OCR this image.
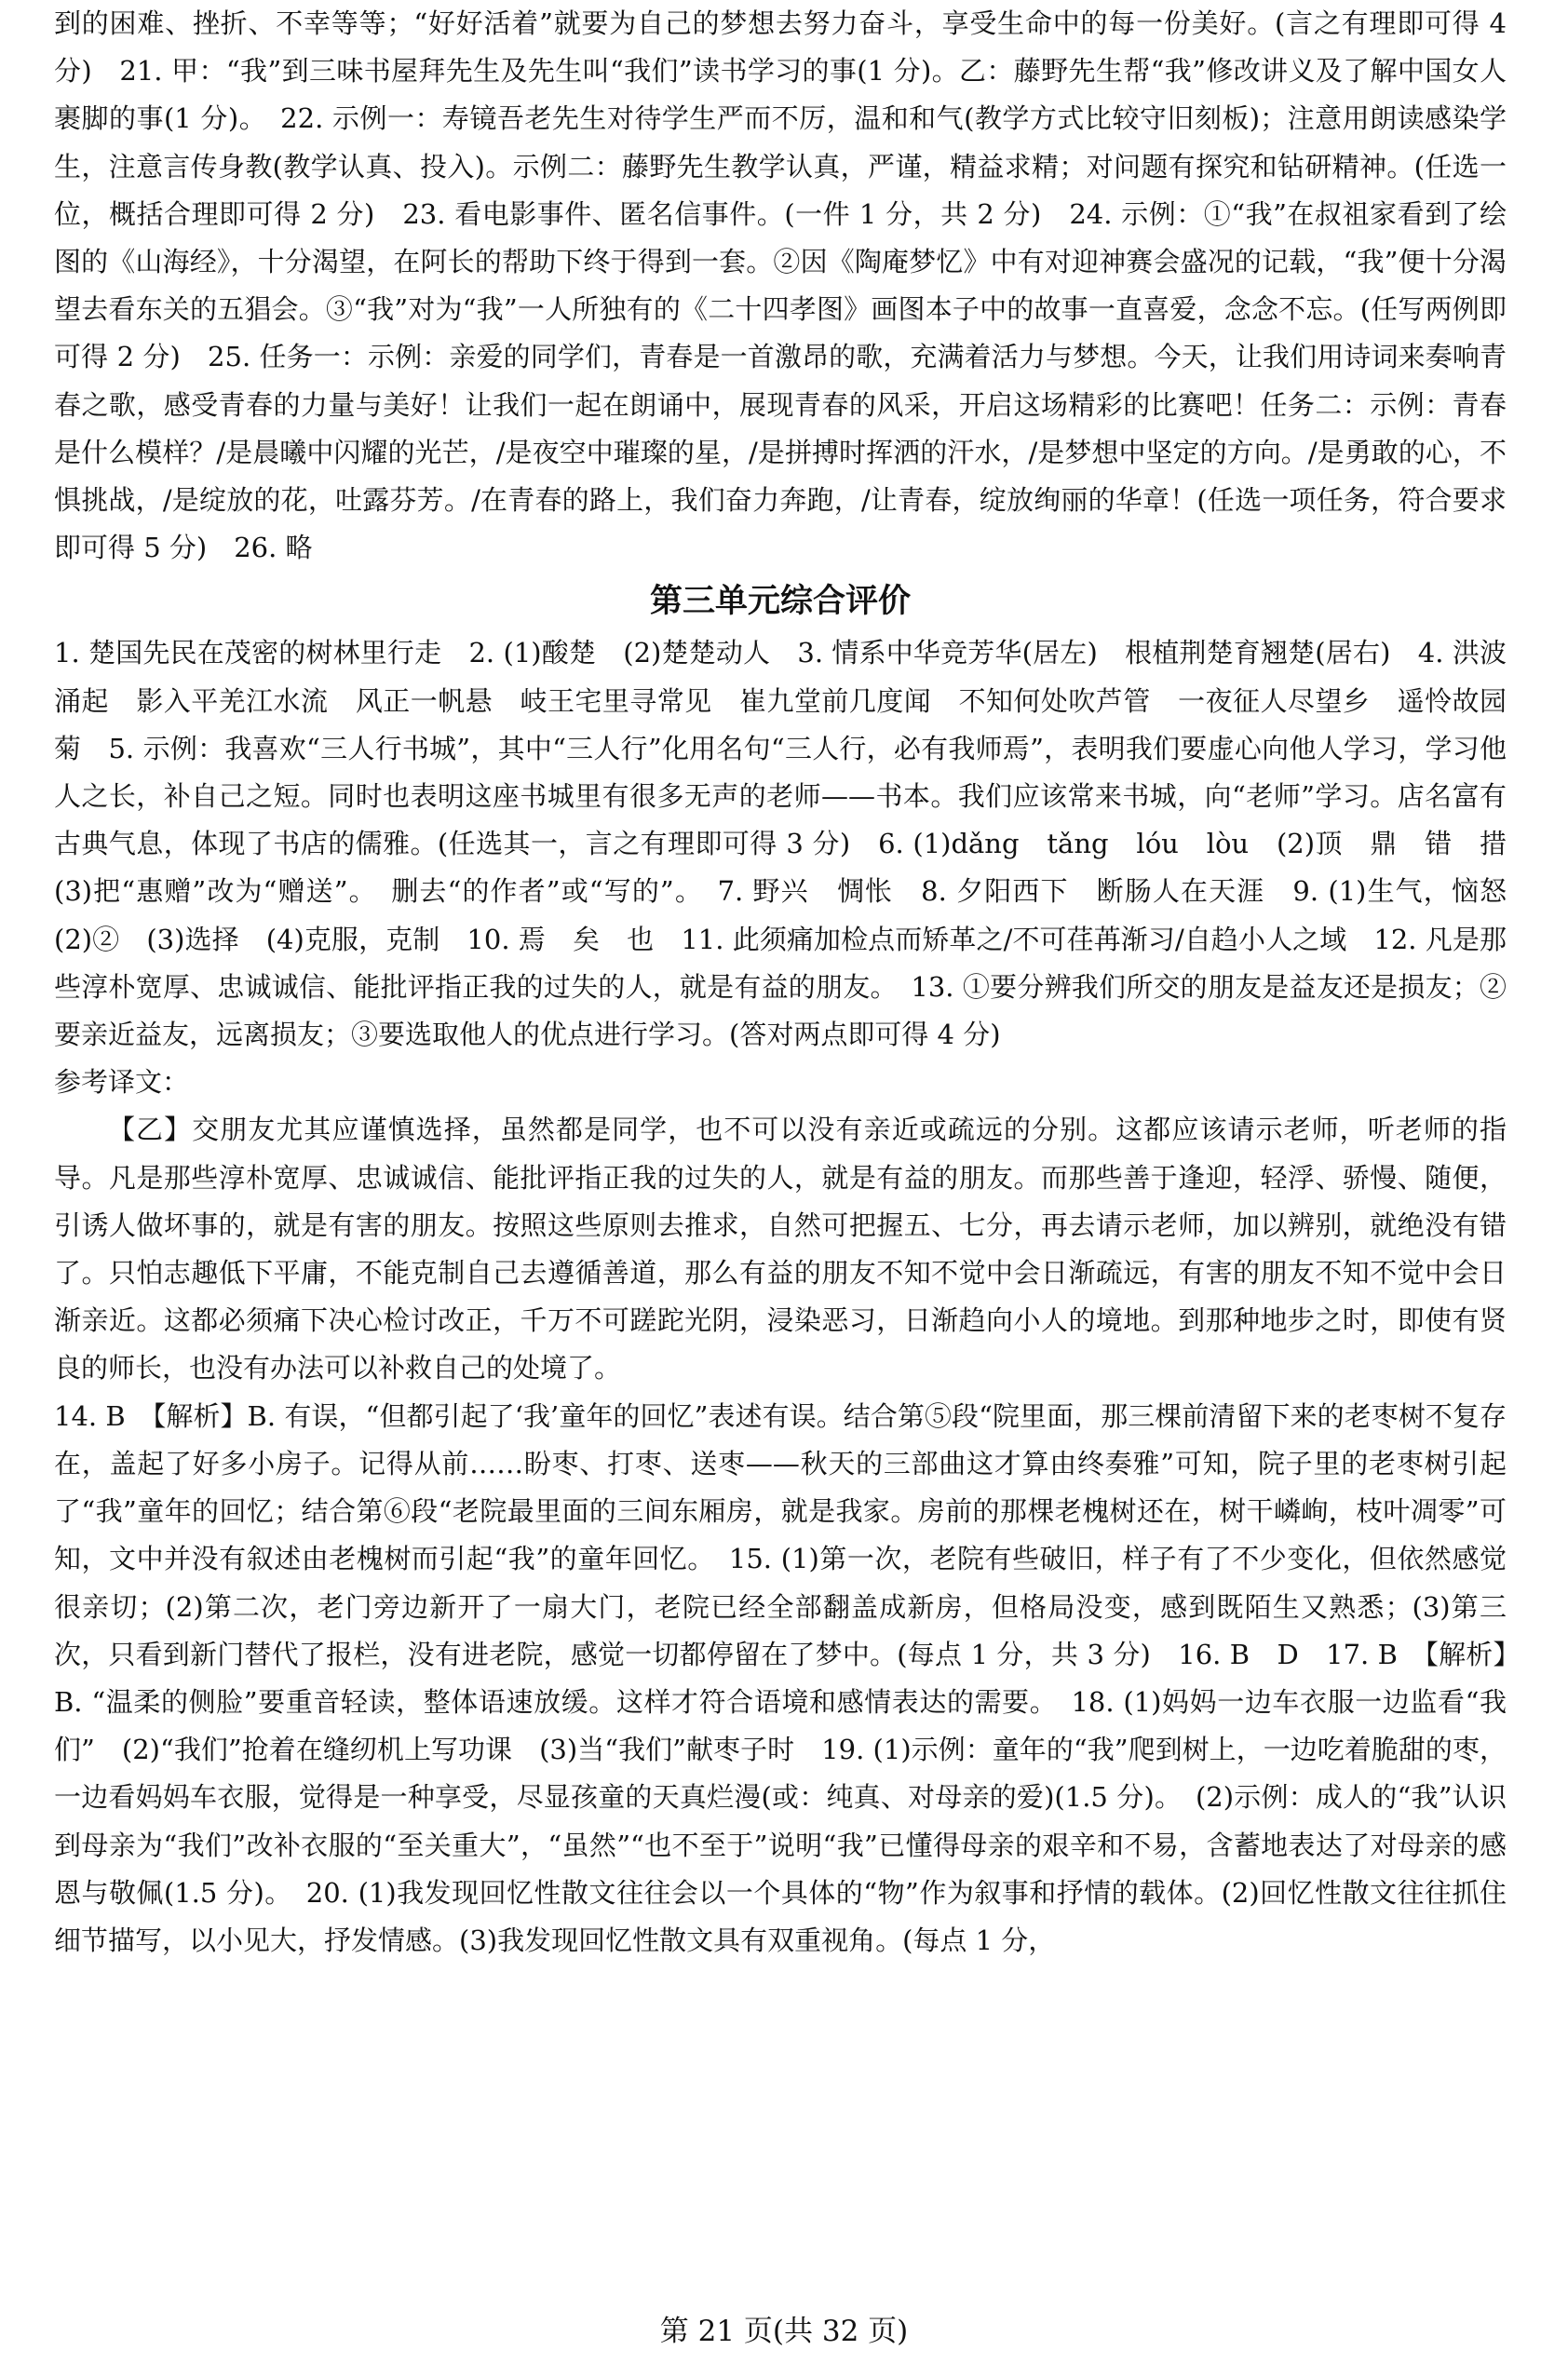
到的困难、挫折、不幸等等；“好好活着”就要为自己的梦想去努力奋斗，享受生命中的每一份美好。(言之有理即可得 4 分)　21. 甲：“我”到三味书屋拜先生及先生叫“我们”读书学习的事(1 分)。乙：藤野先生帮“我”修改讲义及了解中国女人裹脚的事(1 分)。　22. 示例一：寿镜吾老先生对待学生严而不厉，温和和气(教学方式比较守旧刻板)；注意用朗读感染学生，注意言传身教(教学认真、投入)。示例二：藤野先生教学认真，严谨，精益求精；对问题有探究和钻研精神。(任选一位，概括合理即可得 2 分)　23. 看电影事件、匿名信事件。(一件 1 分，共 2 分)　24. 示例：①“我”在叔祖家看到了绘图的《山海经》，十分渴望，在阿长的帮助下终于得到一套。②因《陶庵梦忆》中有对迎神赛会盛况的记载，“我”便十分渴望去看东关的五猖会。③“我”对为“我”一人所独有的《二十四孝图》画图本子中的故事一直喜爱，念念不忘。(任写两例即可得 2 分)　25. 任务一：示例：亲爱的同学们，青春是一首激昂的歌，充满着活力与梦想。今天，让我们用诗词来奏响青春之歌，感受青春的力量与美好！让我们一起在朗诵中，展现青春的风采，开启这场精彩的比赛吧！任务二：示例：青春是什么模样？/是晨曦中闪耀的光芒，/是夜空中璀璨的星，/是拼搏时挥洒的汗水，/是梦想中坚定的方向。/是勇敢的心，不惧挑战，/是绽放的花，吐露芬芳。/在青春的路上，我们奋力奔跑，/让青春，绽放绚丽的华章！(任选一项任务，符合要求即可得 5 分)　26. 略

第三单元综合评价

1. 楚国先民在茂密的树林里行走　2. (1)酸楚　(2)楚楚动人　3. 情系中华竞芳华(居左)　根植荆楚育翘楚(居右)　4. 洪波涌起　影入平羌江水流　风正一帆悬　岐王宅里寻常见　崔九堂前几度闻　不知何处吹芦管　一夜征人尽望乡　遥怜故园菊　5. 示例：我喜欢“三人行书城”，其中“三人行”化用名句“三人行，必有我师焉”，表明我们要虚心向他人学习，学习他人之长，补自己之短。同时也表明这座书城里有很多无声的老师——书本。我们应该常来书城，向“老师”学习。店名富有古典气息，体现了书店的儒雅。(任选其一，言之有理即可得 3 分)　6. (1)dǎng　tǎng　lóu　lòu　(2)顶　鼎　错　措　(3)把“惠赠”改为“赠送”。　删去“的作者”或“写的”。　7. 野兴　惆怅　8. 夕阳西下　断肠人在天涯　9. (1)生气，恼怒　(2)②　(3)选择　(4)克服，克制　10. 焉　矣　也　11. 此须痛加检点而矫革之/不可荏苒渐习/自趋小人之域　12. 凡是那些淳朴宽厚、忠诚诚信、能批评指正我的过失的人，就是有益的朋友。　13. ①要分辨我们所交的朋友是益友还是损友；②要亲近益友，远离损友；③要选取他人的优点进行学习。(答对两点即可得 4 分)

参考译文：

【乙】交朋友尤其应谨慎选择，虽然都是同学，也不可以没有亲近或疏远的分别。这都应该请示老师，听老师的指导。凡是那些淳朴宽厚、忠诚诚信、能批评指正我的过失的人，就是有益的朋友。而那些善于逢迎，轻浮、骄慢、随便，引诱人做坏事的，就是有害的朋友。按照这些原则去推求，自然可把握五、七分，再去请示老师，加以辨别，就绝没有错了。只怕志趣低下平庸，不能克制自己去遵循善道，那么有益的朋友不知不觉中会日渐疏远，有害的朋友不知不觉中会日渐亲近。这都必须痛下决心检讨改正，千万不可蹉跎光阴，浸染恶习，日渐趋向小人的境地。到那种地步之时，即使有贤良的师长，也没有办法可以补救自己的处境了。

14. B　【解析】B. 有误，“但都引起了‘我’童年的回忆”表述有误。结合第⑤段“院里面，那三棵前清留下来的老枣树不复存在，盖起了好多小房子。记得从前……盼枣、打枣、送枣——秋天的三部曲这才算由终奏雅”可知，院子里的老枣树引起了“我”童年的回忆；结合第⑥段“老院最里面的三间东厢房，就是我家。房前的那棵老槐树还在，树干嶙峋，枝叶凋零”可知，文中并没有叙述由老槐树而引起“我”的童年回忆。　15. (1)第一次，老院有些破旧，样子有了不少变化，但依然感觉很亲切；(2)第二次，老门旁边新开了一扇大门，老院已经全部翻盖成新房，但格局没变，感到既陌生又熟悉；(3)第三次，只看到新门替代了报栏，没有进老院，感觉一切都停留在了梦中。(每点 1 分，共 3 分)　16. B　D　17. B　【解析】B. “温柔的侧脸”要重音轻读，整体语速放缓。这样才符合语境和感情表达的需要。　18. (1)妈妈一边车衣服一边监看“我们”　(2)“我们”抢着在缝纫机上写功课　(3)当“我们”献枣子时　19. (1)示例：童年的“我”爬到树上，一边吃着脆甜的枣，一边看妈妈车衣服，觉得是一种享受，尽显孩童的天真烂漫(或：纯真、对母亲的爱)(1.5 分)。　(2)示例：成人的“我”认识到母亲为“我们”改补衣服的“至关重大”，“虽然”“也不至于”说明“我”已懂得母亲的艰辛和不易，含蓄地表达了对母亲的感恩与敬佩(1.5 分)。　20. (1)我发现回忆性散文往往会以一个具体的“物”作为叙事和抒情的载体。(2)回忆性散文往往抓住细节描写，以小见大，抒发情感。(3)我发现回忆性散文具有双重视角。(每点 1 分，

第 21 页(共 32 页)
